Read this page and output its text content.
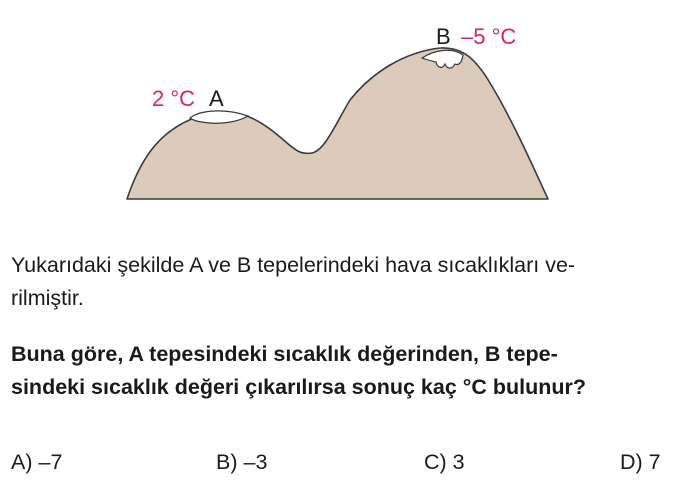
2 °C A
B –5 °C

Yukarıdaki şekilde A ve B tepelerindeki hava sıcaklıkları ve-
rilmiştir.

Buna göre, A tepesindeki sıcaklık değerinden, B tepe-
sindeki sıcaklık değeri çıkarılırsa sonuç kaç °C bulunur?

A) –7	B) –3	C) 3	D) 7
